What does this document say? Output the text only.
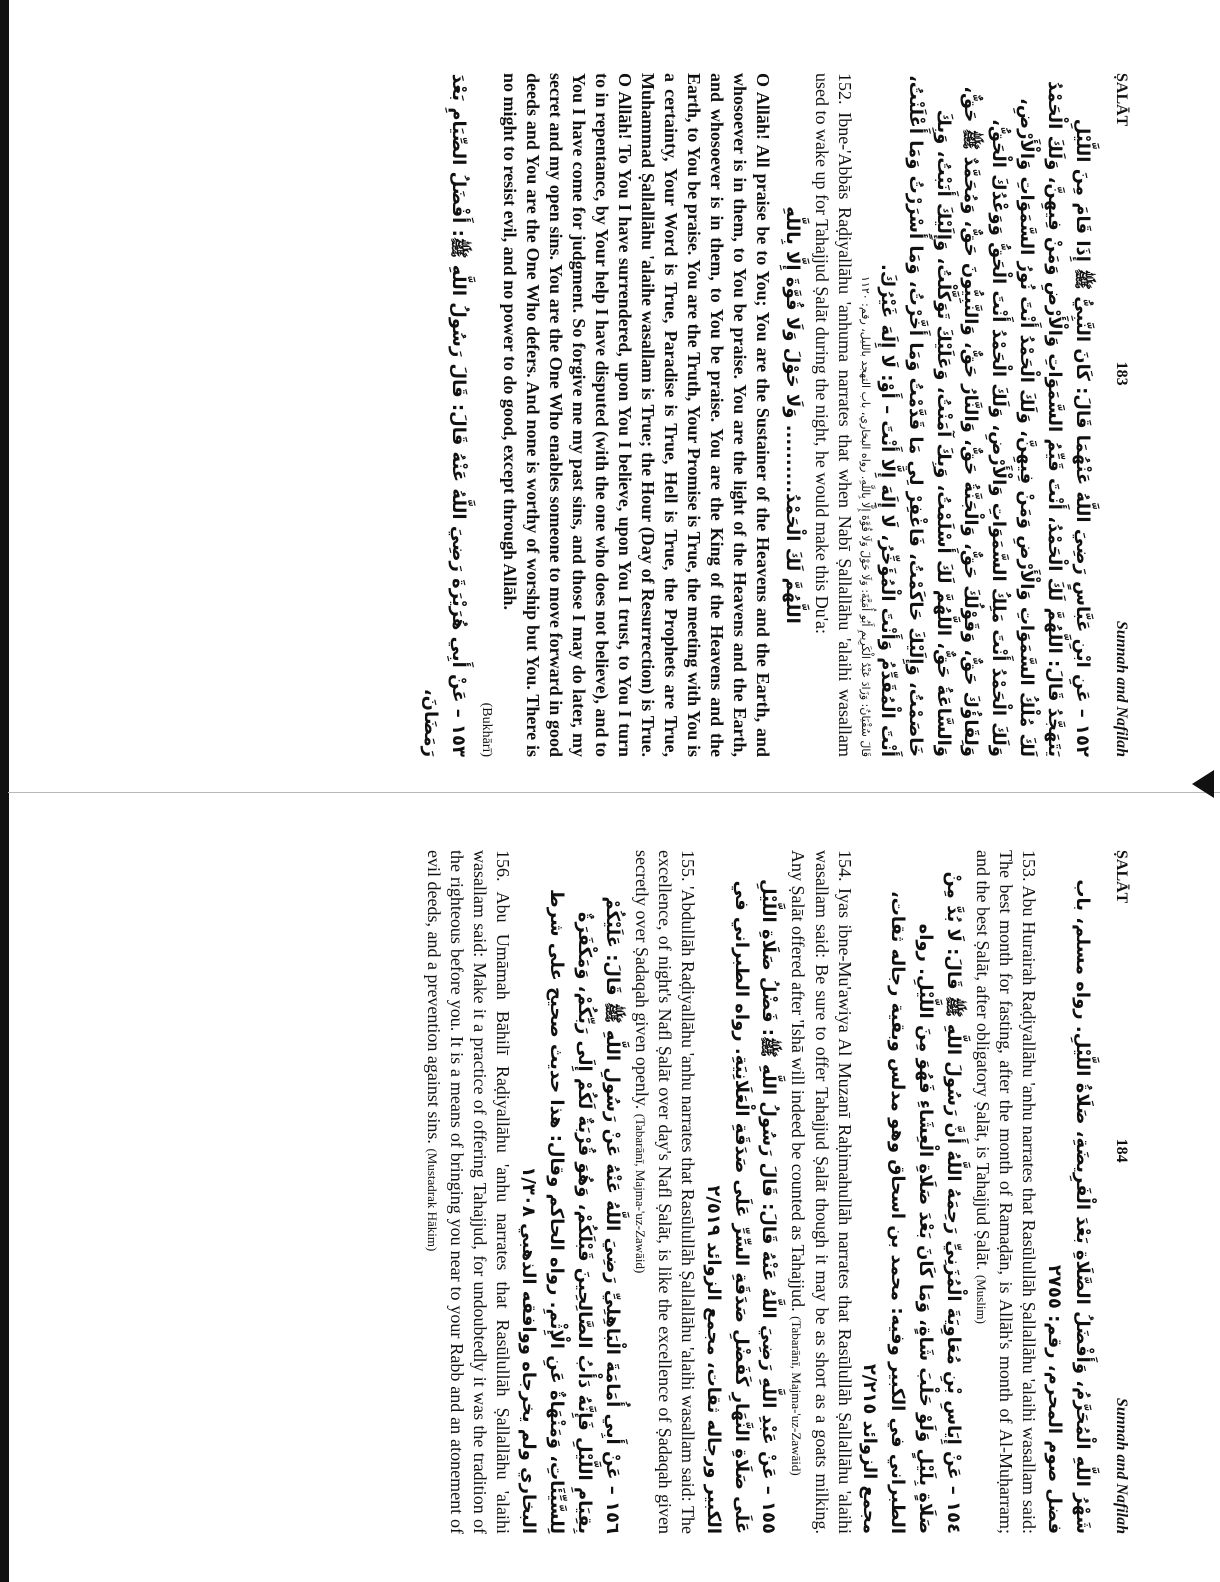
ṢALĀT
183
Sunnah and Nafilah

١٥٢ – عَنِ ابْنِ عَبَّاسٍ رَضِيَ اللَّهُ عَنْهُمَا قَالَ: كَانَ النَّبِيُّ ﷺ إِذَا قَامَ مِنَ اللَّيْلِ يَتَهَجَّدُ قَالَ: اللَّهُمَّ لَكَ الْحَمْدُ، أَنْتَ قَيِّمُ السَّمَوَاتِ وَالْأَرْضِ وَمَنْ فِيهِنَّ، وَلَكَ الْحَمْدُ لَكَ مُلْكُ السَّمَوَاتِ وَالْأَرْضِ وَمَنْ فِيهِنَّ، وَلَكَ الْحَمْدُ أَنْتَ نُورُ السَّمَوَاتِ وَالْأَرْضِ، وَلَكَ الْحَمْدُ أَنْتَ مَلِكُ السَّمَوَاتِ وَالْأَرْضِ، وَلَكَ الْحَمْدُ أَنْتَ الْحَقُّ وَوَعْدُكَ الْحَقُّ، وَلِقَاؤُكَ حَقٌّ، وَقَوْلُكَ حَقٌّ، وَالْجَنَّةُ حَقٌّ، وَالنَّارُ حَقٌّ، وَالنَّبِيُّونَ حَقٌّ، وَمُحَمَّدٌ ﷺ حَقٌّ، وَالسَّاعَةُ حَقٌّ، اللَّهُمَّ لَكَ أَسْلَمْتُ، وَبِكَ آمَنْتُ، وَعَلَيْكَ تَوَكَّلْتُ، وَإِلَيْكَ أَنَبْتُ، وَبِكَ خَاصَمْتُ، وَإِلَيْكَ حَاكَمْتُ، فَاغْفِرْ لِي مَا قَدَّمْتُ وَمَا أَخَّرْتُ، وَمَا أَسْرَرْتُ وَمَا أَعْلَنْتُ، أَنْتَ الْمُقَدِّمُ وَأَنْتَ الْمُؤَخِّرُ، لَا إِلَهَ إِلَّا أَنْتَ – أَوْ: لَا إِلَهَ غَيْرُكَ.

قَالَ سُفْيَانُ: وَزَادَ عَبْدُ الْكَرِيمِ أَبُو أُمَيَّةَ: وَلَا حَوْلَ وَلَا قُوَّةَ إِلَّا بِاللَّهِ. رواه البخاري، باب التهجد بالليل، رقم: ١١٢٠

152. Ibne-'Abbās Raḍiyallāhu 'anhuma narrates that when Nabī Ṣallallāhu 'alaihi wasallam used to wake up for Tahajjud Ṣalāt during the night, he would make this Du'a:

اللَّهُمَّ لَكَ الْحَمْدُ.......... وَلَا حَوْلَ وَلَا قُوَّةَ إِلَّا بِاللَّهِ

O Allāh! All praise be to You; You are the Sustainer of the Heavens and the Earth, and whosoever is in them, to You be praise. You are the light of the Heavens and the Earth, and whosoever is in them, to You be praise. You are the King of the Heavens and the Earth, to You be praise. You are the Truth, Your Promise is True, the meeting with You is a certainty, Your Word is True, Paradise is True, Hell is True, the Prophets are True, Muhammad Ṣallallāhu 'alaihe wasallam is True; the Hour (Day of Resurrection) is True. O Allāh! To You I have surrendered, upon You I believe, upon You I trust, to You I turn to in repentance, by Your help I have disputed (with the one who does not believe), and to You I have come for judgment. So forgive me my past sins, and those I may do later, my secret and my open sins. You are the One Who enables someone to move forward in good deeds and You are the One Who defers. And none is worthy of worship but You. There is no might to resist evil, and no power to do good, except through Allāh.

(Bukhārī)

١٥٣ – عَنْ أَبِي هُرَيْرَةَ رَضِيَ اللَّهُ عَنْهُ قَالَ: قَالَ رَسُولُ اللَّهِ ﷺ: أَفْضَلُ الصِّيَامِ بَعْدَ رَمَضَانَ،

ṢALĀT
184
Sunnah and Nafilah

شَهْرُ اللَّهِ الْمُحَرَّمُ، وَأَفْضَلُ الصَّلَاةِ بَعْدَ الْفَرِيضَةِ، صَلَاةُ اللَّيْلِ. رواه مسلم، باب فضل صوم المحرم، رقم: ٢٧٥٥

153. Abu Hurairah Raḍiyallāhu 'anhu narrates that Rasūlullāh Ṣallallāhu 'alaihi wasallam said: The best month for fasting, after the month of Ramaḍān, is Allāh's month of Al-Muḥarram; and the best Ṣalāt, after obligatory Ṣalāt, is Tahajjud Ṣalāt. (Muslim)

١٥٤ – عَنْ إِيَاسِ بْنِ مُعَاوِيَةَ الْمُزَنِيِّ رَحِمَهُ اللَّهُ أَنَّ رَسُولَ اللَّهِ ﷺ قَالَ: لَا بُدَّ مِنْ صَلَاةٍ بِلَيْلٍ وَلَوْ حَلْبَ شَاةٍ، وَمَا كَانَ بَعْدَ صَلَاةِ الْعِشَاءِ فَهُوَ مِنَ اللَّيْلِ. رواه الطبراني في الكبير وفيه: محمد بن اسحاق وهو مدلس وبقية رجاله ثقات، مجمع الزوائد ٢/٢١٥

154. Iyas ibne-Mu'awiya Al Muzanī Raḥimahullāh narrates that Rasūlullāh Ṣallallāhu 'alaihi wasallam said: Be sure to offer Tahajjud Ṣalāt though it may be as short as a goats milking. Any Ṣalāt offered after 'Ishā will indeed be counted as Tahajjud. (Tabarānī, Majma-'uz-Zawāid)

١٥٥ – عَنْ عَبْدِ اللَّهِ رَضِيَ اللَّهُ عَنْهُ قَالَ: قَالَ رَسُولُ اللَّهِ ﷺ: فَضْلُ صَلَاةِ اللَّيْلِ عَلَى صَلَاةِ النَّهَارِ كَفَضْلِ صَدَقَةِ السِّرِّ عَلَى صَدَقَةِ الْعَلَانِيَةِ. رواه الطبراني في الكبير ورجاله ثقات، مجمع الزوائد ٢/٥١٩

155. 'Abdullāh Raḍiyallāhu 'anhu narrates that Rasūlullāh Ṣallallāhu 'alaihi wasallam said: The excellence, of night's Nafl Ṣalāt over day's Nafl Ṣalāt, is like the excellence of Ṣadaqah given secretly over Ṣadaqah given openly. (Tabarānī, Majma-'uz-Zawāid)

١٥٦ – عَنْ أَبِي أُمَامَةَ الْبَاهِلِيِّ رَضِيَ اللَّهُ عَنْهُ عَنْ رَسُولِ اللَّهِ ﷺ قَالَ: عَلَيْكُمْ بِقِيَامِ اللَّيْلِ فَإِنَّهُ دَأْبُ الصَّالِحِينَ قَبْلَكُمْ، وَهُوَ قُرْبَةٌ لَكُمْ إِلَى رَبِّكُمْ، وَمَكْفَرَةٌ لِلسَّيِّئَاتِ، وَمَنْهَاةٌ عَنِ الْإِثْمِ. رواه الحاكم وقال: هذا حديث صحيح على شرط البخاري ولم يخرجاه ووافقه الذهبي ١/٣٠٨

156. Abu Umāmah Bāhilī Raḍiyallāhu 'anhu narrates that Rasūlullāh Ṣallallāhu 'alaihi wasallam said: Make it a practice of offering Tahajjud, for undoubtedly it was the tradition of the righteous before you. It is a means of bringing you near to your Rabb and an atonement of evil deeds, and a prevention against sins. (Mustadrak Hākim)
